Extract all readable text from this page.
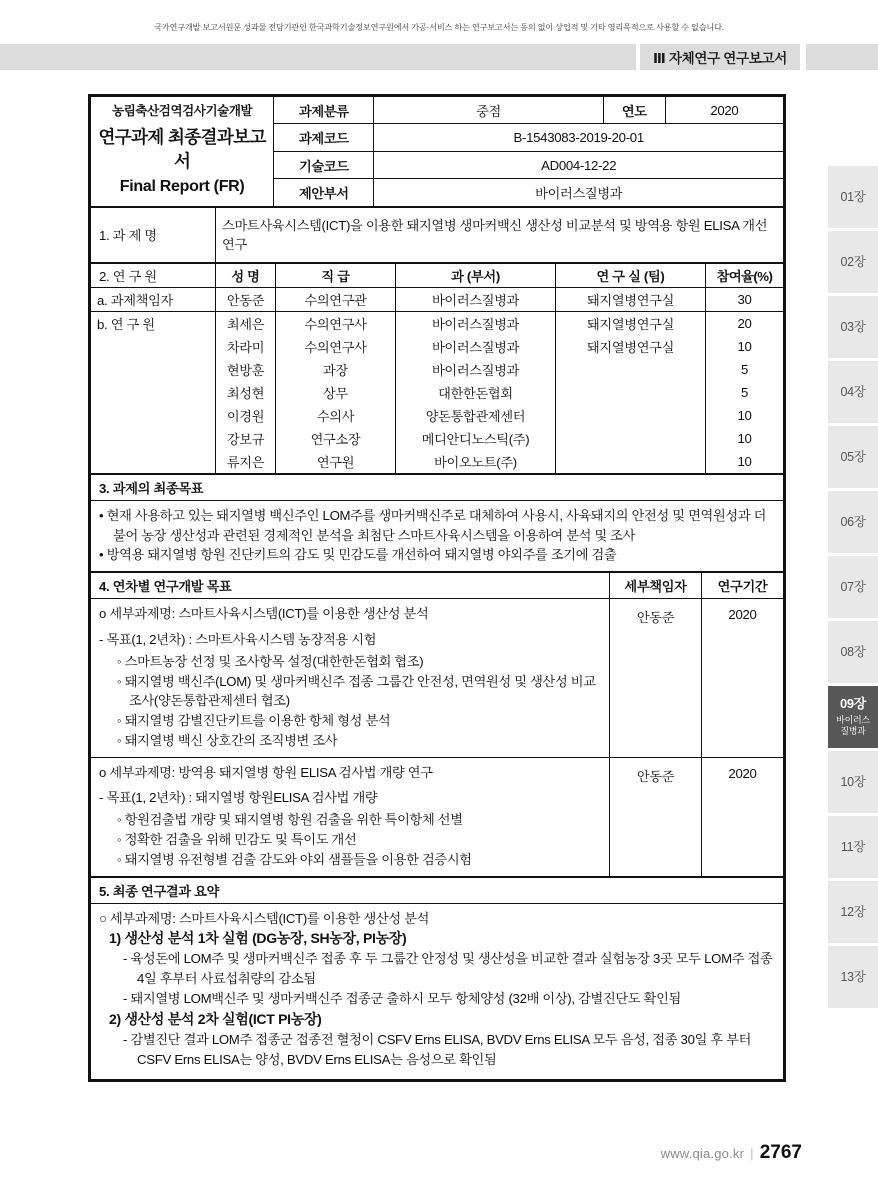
국가연구개발 보고서원문 성과물 전담기관인 한국과학기술정보연구원에서 가공·서비스 하는 연구보고서는 동의 없이 상업적 및 기타 영리목적으로 사용할 수 없습니다.
Ⅲ 자체연구 연구보고서
01장
02장
03장
04장
05장
06장
07장
08장
09장
바이러스
질병과
10장
11장
12장
13장
농림축산검역검사기술개발
연구과제 최종결과보고서
Final Report (FR)	과제분류	중점	연도	2020
	과제코드	B-1543083-2019-20-01		
	기술코드	AD004-12-22		
	제안부서	바이러스질병과		
1. 과 제 명	스마트사육시스템(ICT)을 이용한 돼지열병 생마커백신 생산성 비교분석 및 방역용 항원 ELISA 개선 연구
2. 연 구 원	성 명	직 급	과 (부서)	연 구 실 (팀)	참여율(%)
a. 과제책임자	안동준	수의연구관	바이러스질병과	돼지열병연구실	30
b. 연 구 원	최세은	수의연구사	바이러스질병과	돼지열병연구실	20
	차라미	수의연구사	바이러스질병과	돼지열병연구실	10
	현방훈	과장	바이러스질병과		5
	최성현	상무	대한한돈협회		5
	이경원	수의사	양돈통합관제센터		10
	강보규	연구소장	메디안디노스틱(주)		10
	류지은	연구원	바이오노트(주)		10
3. 과제의 최종목표

• 현재 사용하고 있는 돼지열병 백신주인 LOM주를 생마커백신주로 대체하여 사용시, 사육돼지의 안전성 및 면역원성과 더불어 농장 생산성과 관련된 경제적인 분석을 최첨단 스마트사육시스템을 이용하여 분석 및 조사
• 방역용 돼지열병 항원 진단키트의 감도 및 민감도를 개선하여 돼지열병 야외주를 조기에 검출
4. 연차별 연구개발 목표	세부책임자	연구기간

o 세부과제명: 스마트사육시스템(ICT)를 이용한 생산성 분석
- 목표(1, 2년차) : 스마트사육시스템 농장적용 시험
◦ 스마트농장 선정 및 조사항목 설정(대한한돈협회 협조)
◦ 돼지열병 백신주(LOM) 및 생마커백신주 접종 그룹간 안전성, 면역원성 및 생산성 비교조사(양돈통합관제센터 협조)
◦ 돼지열병 감별진단키트를 이용한 항체 형성 분석
◦ 돼지열병 백신 상호간의 조직병변 조사
	안동준	2020

o 세부과제명: 방역용 돼지열병 항원 ELISA 검사법 개량 연구
- 목표(1, 2년차) : 돼지열병 항원ELISA 검사법 개량
◦ 항원검출법 개량 및 돼지열병 항원 검출을 위한 특이항체 선별
◦ 정확한 검출을 위해 민감도 및 특이도 개선
◦ 돼지열병 유전형별 검출 감도와 야외 샘플들을 이용한 검증시험
	안동준	2020
5. 최종 연구결과 요약

○ 세부과제명: 스마트사육시스템(ICT)를 이용한 생산성 분석
1) 생산성 분석 1차 실험 (DG농장, SH농장, PI농장)
- 육성돈에 LOM주 및 생마커백신주 접종 후 두 그룹간 안정성 및 생산성을 비교한 결과 실험농장 3곳 모두 LOM주 접종 4일 후부터 사료섭취량의 감소됨
- 돼지열병 LOM백신주 및 생마커백신주 접종군 출하시 모두 항체양성 (32배 이상), 감별진단도 확인됨
2) 생산성 분석 2차 실험(ICT PI농장)
- 감별진단 결과 LOM주 접종군 접종전 혈청이 CSFV Erns ELISA, BVDV Erns ELISA 모두 음성, 접종 30일 후 부터 CSFV Erns ELISA는 양성, BVDV Erns ELISA는 음성으로 확인됨
www.qia.go.kr | 2767
